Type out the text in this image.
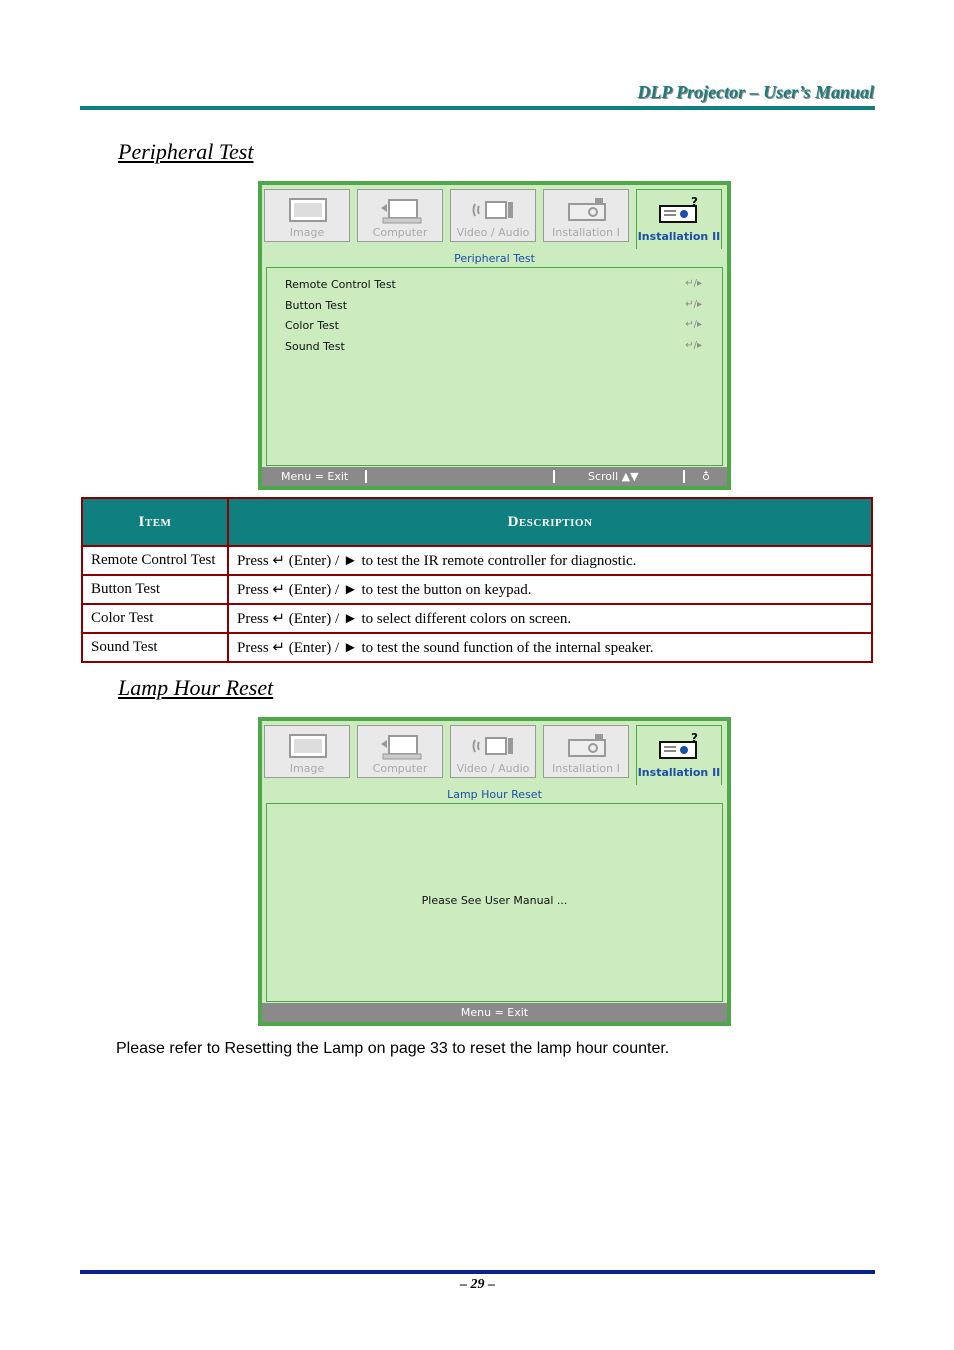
DLP Projector – User’s Manual
Peripheral Test
Image	Computer	Video / Audio	Installation I
?
Installation II
Peripheral Test
Remote Control Test	↵/▸
Button Test	↵/▸
Color Test	↵/▸
Sound Test	↵/▸
Menu = Exit	Scroll ▲▼	♁
Item	Description
Remote Control Test	Press ↵ (Enter) / ► to test the IR remote controller for diagnostic.
Button Test	Press ↵ (Enter) / ► to test the button on keypad.
Color Test	Press ↵ (Enter) / ► to select different colors on screen.
Sound Test	Press ↵ (Enter) / ► to test the sound function of the internal speaker.
Lamp Hour Reset
Image	Computer	Video / Audio	Installation I
?
Installation II
Lamp Hour Reset
Please See User Manual ...
Menu = Exit
Please refer to Resetting the Lamp on page 33 to reset the lamp hour counter.
– 29 –
